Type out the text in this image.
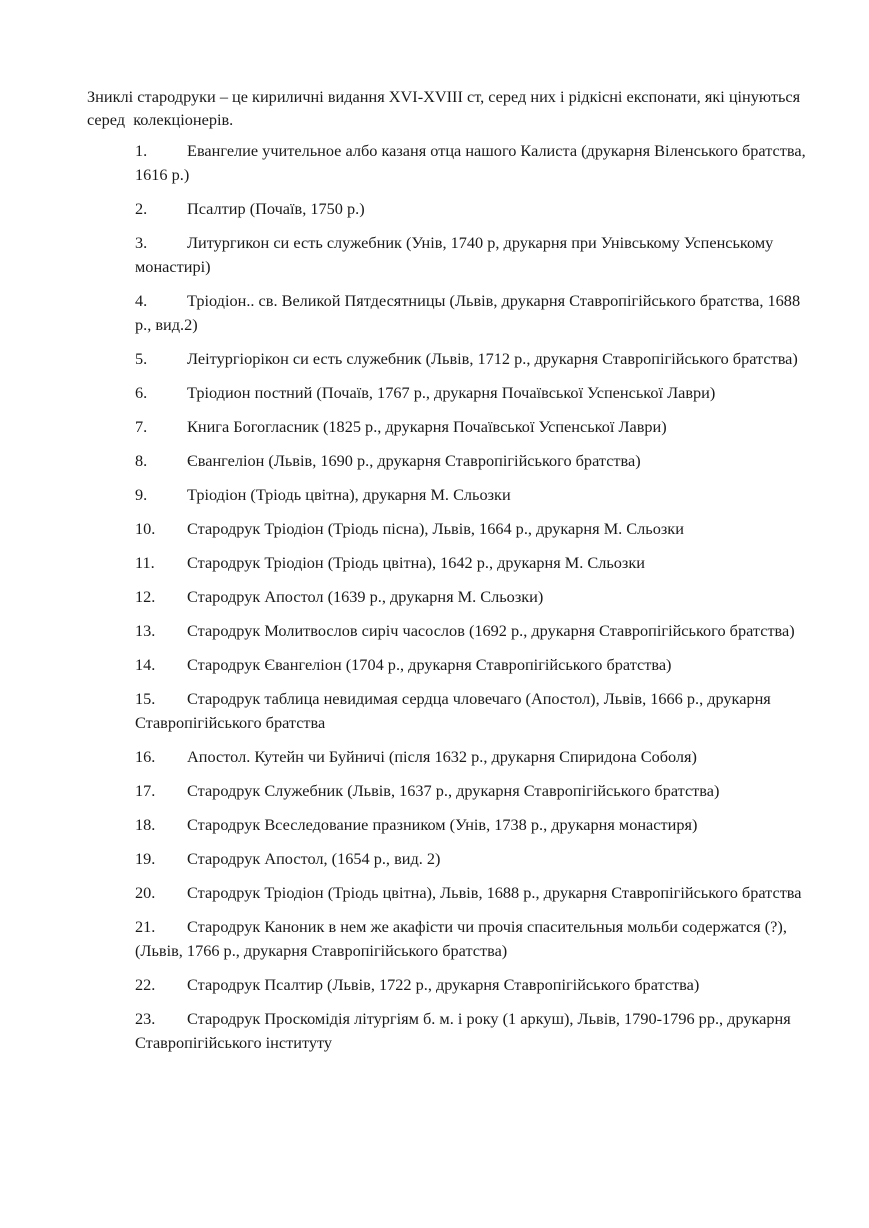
Зниклі стародруки – це кириличні видання XVI-XVIII ст, серед них і рідкісні експонати, які цінуються серед  колекціонерів.

1. Евангелие учительное албо казаня отца нашого Калиста (друкарня Віленського братства, 1616 р.)
2. Псалтир (Почаїв, 1750 р.)
3. Литургикон си есть служебник (Унів, 1740 р, друкарня при Унівському Успенському монастирі)
4. Тріодіон.. св. Великой Пятдесятницы (Львів, друкарня Ставропігійського братства, 1688 р., вид.2)
5. Леітургіорікон си есть служебник (Львів, 1712 р., друкарня Ставропігійського братства)
6. Тріодион постний (Почаїв, 1767 р., друкарня Почаївської Успенської Лаври)
7. Книга Богогласник (1825 р., друкарня Почаївської Успенської Лаври)
8. Євангеліон (Львів, 1690 р., друкарня Ставропігійського братства)
9. Тріодіон (Тріодь цвітна), друкарня М. Сльозки
10. Стародрук Тріодіон (Тріодь пісна), Львів, 1664 р., друкарня М. Сльозки
11. Стародрук Тріодіон (Тріодь цвітна), 1642 р., друкарня М. Сльозки
12. Стародрук Апостол (1639 р., друкарня М. Сльозки)
13. Стародрук Молитвослов сиріч часослов (1692 р., друкарня Ставропігійського братства)
14. Стародрук Євангеліон (1704 р., друкарня Ставропігійського братства)
15. Стародрук таблица невидимая сердца чловечаго (Апостол), Львів, 1666 р., друкарня Ставропігійського братства
16. Апостол. Кутейн чи Буйничі (після 1632 р., друкарня Спиридона Соболя)
17. Стародрук Служебник (Львів, 1637 р., друкарня Ставропігійського братства)
18. Стародрук Всеследование празником (Унів, 1738 р., друкарня монастиря)
19. Стародрук Апостол, (1654 р., вид. 2)
20. Стародрук Тріодіон (Тріодь цвітна), Львів, 1688 р., друкарня Ставропігійського братства
21. Стародрук Каноник в нем же акафісти чи прочія спасительныя мольби содержатся (?), (Львів, 1766 р., друкарня Ставропігійського братства)
22. Стародрук Псалтир (Львів, 1722 р., друкарня Ставропігійського братства)
23. Стародрук Проскомідія літургіям б. м. і року (1 аркуш), Львів, 1790-1796 рр., друкарня Ставропігійського інституту
